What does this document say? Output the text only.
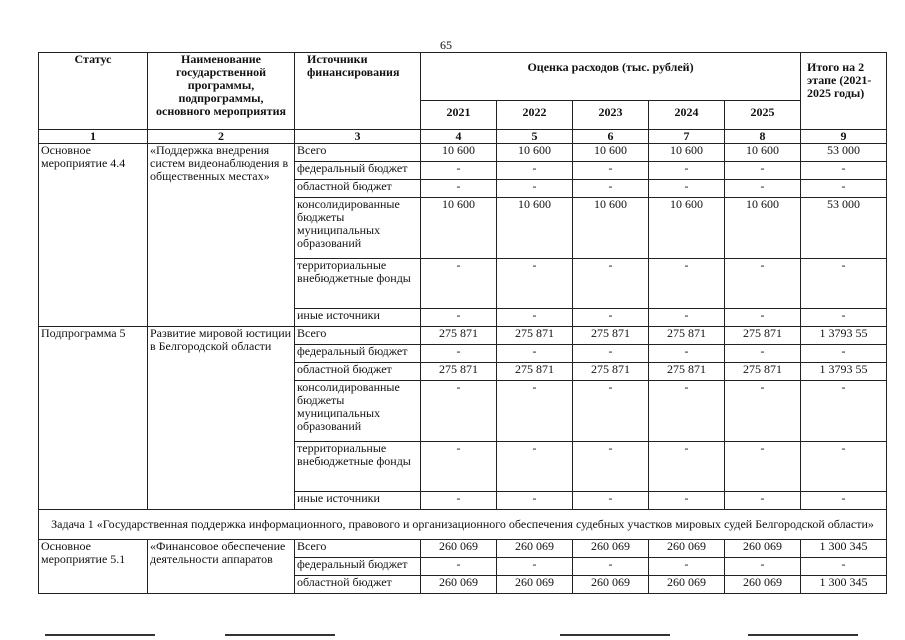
65
Статус	Наименование государственной программы, подпрограммы, основного мероприятия	Источники финансирования	Оценка расходов (тыс. рублей)					Итого на 2 этапе (2021-2025 годы)
			2021	2022	2023	2024	2025	
1	2	3	4	5	6	7	8	9
Основное мероприятие 4.4	«Поддержка внедрения систем видеонаблюдения в общественных местах»	Всего	10 600	10 600	10 600	10 600	10 600	53 000
		федеральный бюджет	-	-	-	-	-	-
		областной бюджет	-	-	-	-	-	-
		консолидированные бюджеты муниципальных образований	10 600	10 600	10 600	10 600	10 600	53 000
		территориальные внебюджетные фонды	-	-	-	-	-	-
		иные источники	-	-	-	-	-	-
Подпрограмма 5	Развитие мировой юстиции в Белгородской области	Всего	275 871	275 871	275 871	275 871	275 871	1 3793 55
		федеральный бюджет	-	-	-	-	-	-
		областной бюджет	275 871	275 871	275 871	275 871	275 871	1 3793 55
		консолидированные бюджеты муниципальных образований	-	-	-	-	-	-
		территориальные внебюджетные фонды	-	-	-	-	-	-
		иные источники	-	-	-	-	-	-
Задача 1 «Государственная поддержка информационного, правового и организационного обеспечения судебных участков мировых судей Белгородской области»								
Основное мероприятие 5.1	«Финансовое обеспечение деятельности аппаратов	Всего	260 069	260 069	260 069	260 069	260 069	1 300 345
		федеральный бюджет	-	-	-	-	-	-
		областной бюджет	260 069	260 069	260 069	260 069	260 069	1 300 345
